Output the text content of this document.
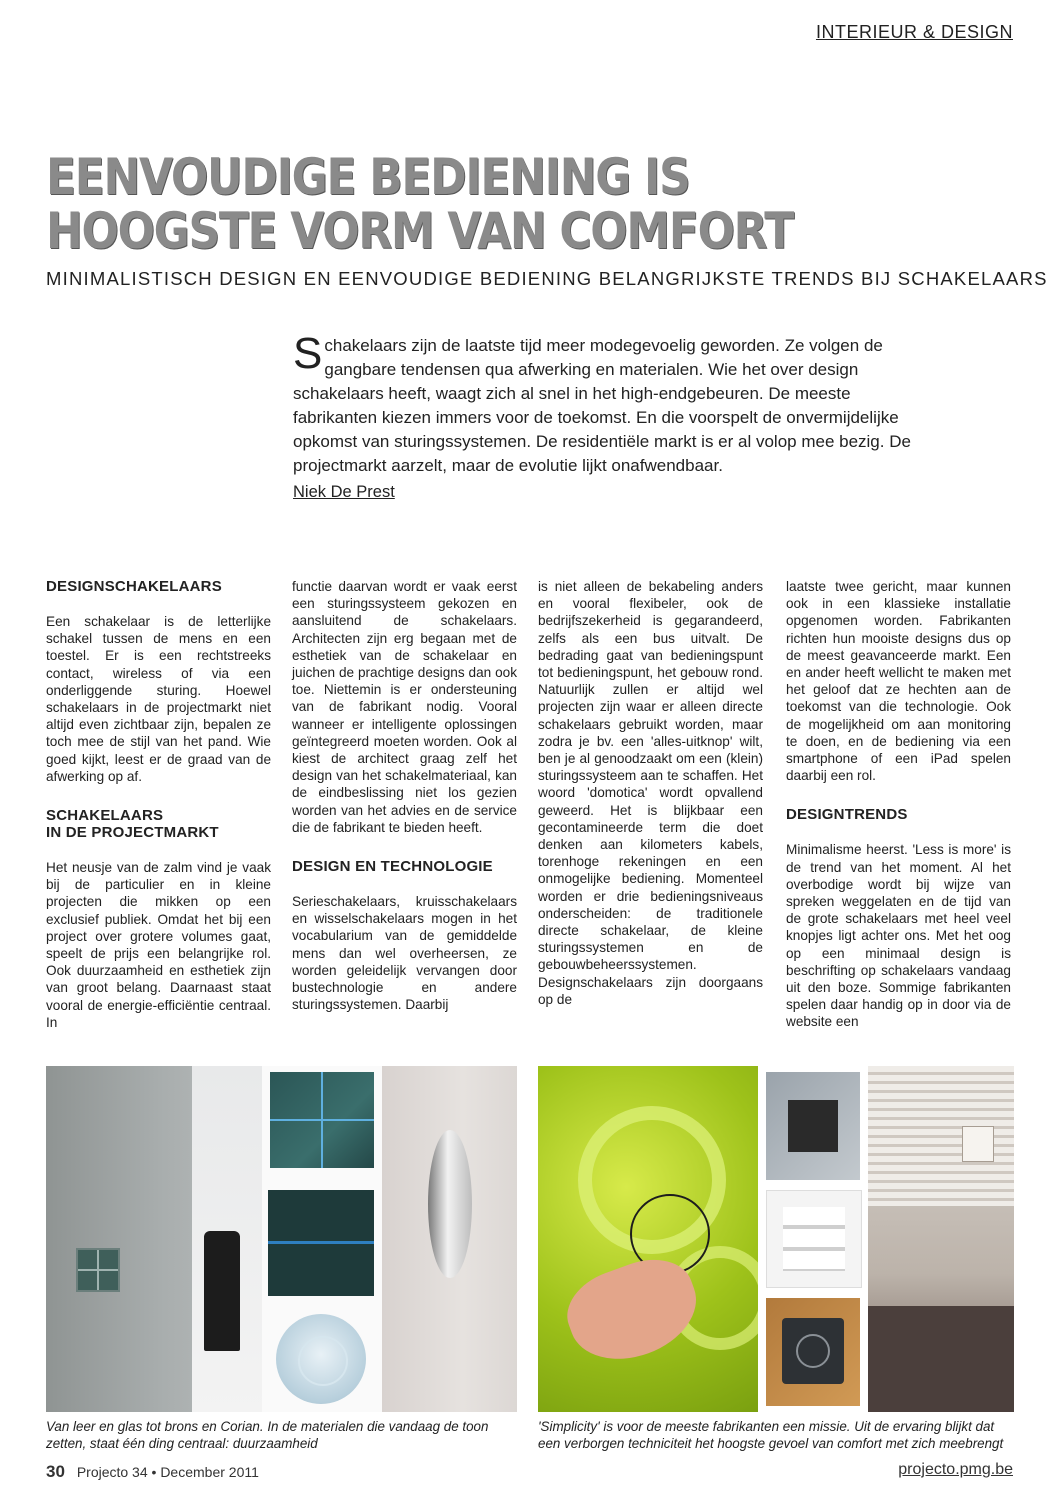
INTERIEUR & DESIGN
EENVOUDIGE BEDIENING IS
HOOGSTE VORM VAN COMFORT
MINIMALISTISCH DESIGN EN EENVOUDIGE BEDIENING BELANGRIJKSTE TRENDS BIJ SCHAKELAARS
Schakelaars zijn de laatste tijd meer modegevoelig geworden. Ze volgen de gangbare tendensen qua afwerking en materialen. Wie het over design schakelaars heeft, waagt zich al snel in het high-endgebeuren. De meeste fabrikanten kiezen immers voor de toekomst. En die voorspelt de onvermijdelijke opkomst van sturingssystemen. De residentiële markt is er al volop mee bezig. De projectmarkt aarzelt, maar de evolutie lijkt onafwendbaar.
Niek De Prest
DESIGNSCHAKELAARS

Een schakelaar is de letterlijke schakel tussen de mens en een toestel. Er is een rechtstreeks contact, wireless of via een onderliggende sturing. Hoewel schakelaars in de projectmarkt niet altijd even zichtbaar zijn, bepalen ze toch mee de stijl van het pand. Wie goed kijkt, leest er de graad van de afwerking op af.

SCHAKELAARS
IN DE PROJECTMARKT

Het neusje van de zalm vind je vaak bij de particulier en in kleine projecten die mikken op een exclusief publiek. Omdat het bij een project over grotere volumes gaat, speelt de prijs een belangrijke rol. Ook duurzaamheid en esthetiek zijn van groot belang. Daarnaast staat vooral de energie-efficiëntie centraal. In

functie daarvan wordt er vaak eerst een sturingssysteem gekozen en aansluitend de schakelaars. Architecten zijn erg begaan met de esthetiek van de schakelaar en juichen de prachtige designs dan ook toe. Niettemin is er ondersteuning van de fabrikant nodig. Vooral wanneer er intelligente oplossingen geïntegreerd moeten worden. Ook al kiest de architect graag zelf het design van het schakelmateriaal, kan de eindbeslissing niet los gezien worden van het advies en de service die de fabrikant te bieden heeft.

DESIGN EN TECHNOLOGIE

Serieschakelaars, kruisschakelaars en wisselschakelaars mogen in het vocabularium van de gemiddelde mens dan wel overheersen, ze worden geleidelijk vervangen door bustechnologie en andere sturingssystemen. Daarbij

is niet alleen de bekabeling anders en vooral flexibeler, ook de bedrijfszekerheid is gegarandeerd, zelfs als een bus uitvalt. De bedrading gaat van bedieningspunt tot bedieningspunt, het gebouw rond. Natuurlijk zullen er altijd wel projecten zijn waar er alleen directe schakelaars gebruikt worden, maar zodra je bv. een 'alles-uitknop' wilt, ben je al genoodzaakt om een (klein) sturingssysteem aan te schaffen. Het woord 'domotica' wordt opvallend geweerd. Het is blijkbaar een gecontamineerde term die doet denken aan kilometers kabels, torenhoge rekeningen en een onmogelijke bediening. Momenteel worden er drie bedieningsniveaus onderscheiden: de traditionele directe schakelaar, de kleine sturingssystemen en de gebouwbeheerssystemen. Designschakelaars zijn doorgaans op de

laatste twee gericht, maar kunnen ook in een klassieke installatie opgenomen worden. Fabrikanten richten hun mooiste designs dus op de meest geavanceerde markt. Een en ander heeft wellicht te maken met het geloof dat ze hechten aan de toekomst van die technologie. Ook de mogelijkheid om aan monitoring te doen, en de bediening via een smartphone of een iPad spelen daarbij een rol.

DESIGNTRENDS

Minimalisme heerst. 'Less is more' is de trend van het moment. Al het overbodige wordt bij wijze van spreken weggelaten en de tijd van de grote schakelaars met heel veel knopjes ligt achter ons. Met het oog op een minimaal design is beschrifting op schakelaars vandaag uit den boze. Sommige fabrikanten spelen daar handig op in door via de website een

Van leer en glas tot brons en Corian. In de materialen die vandaag de toon zetten, staat één ding centraal: duurzaamheid
'Simplicity' is voor de meeste fabrikanten een missie. Uit de ervaring blijkt dat een verborgen techniciteit het hoogste gevoel van comfort met zich meebrengt
30 Projecto 34 • December 2011	projecto.pmg.be
